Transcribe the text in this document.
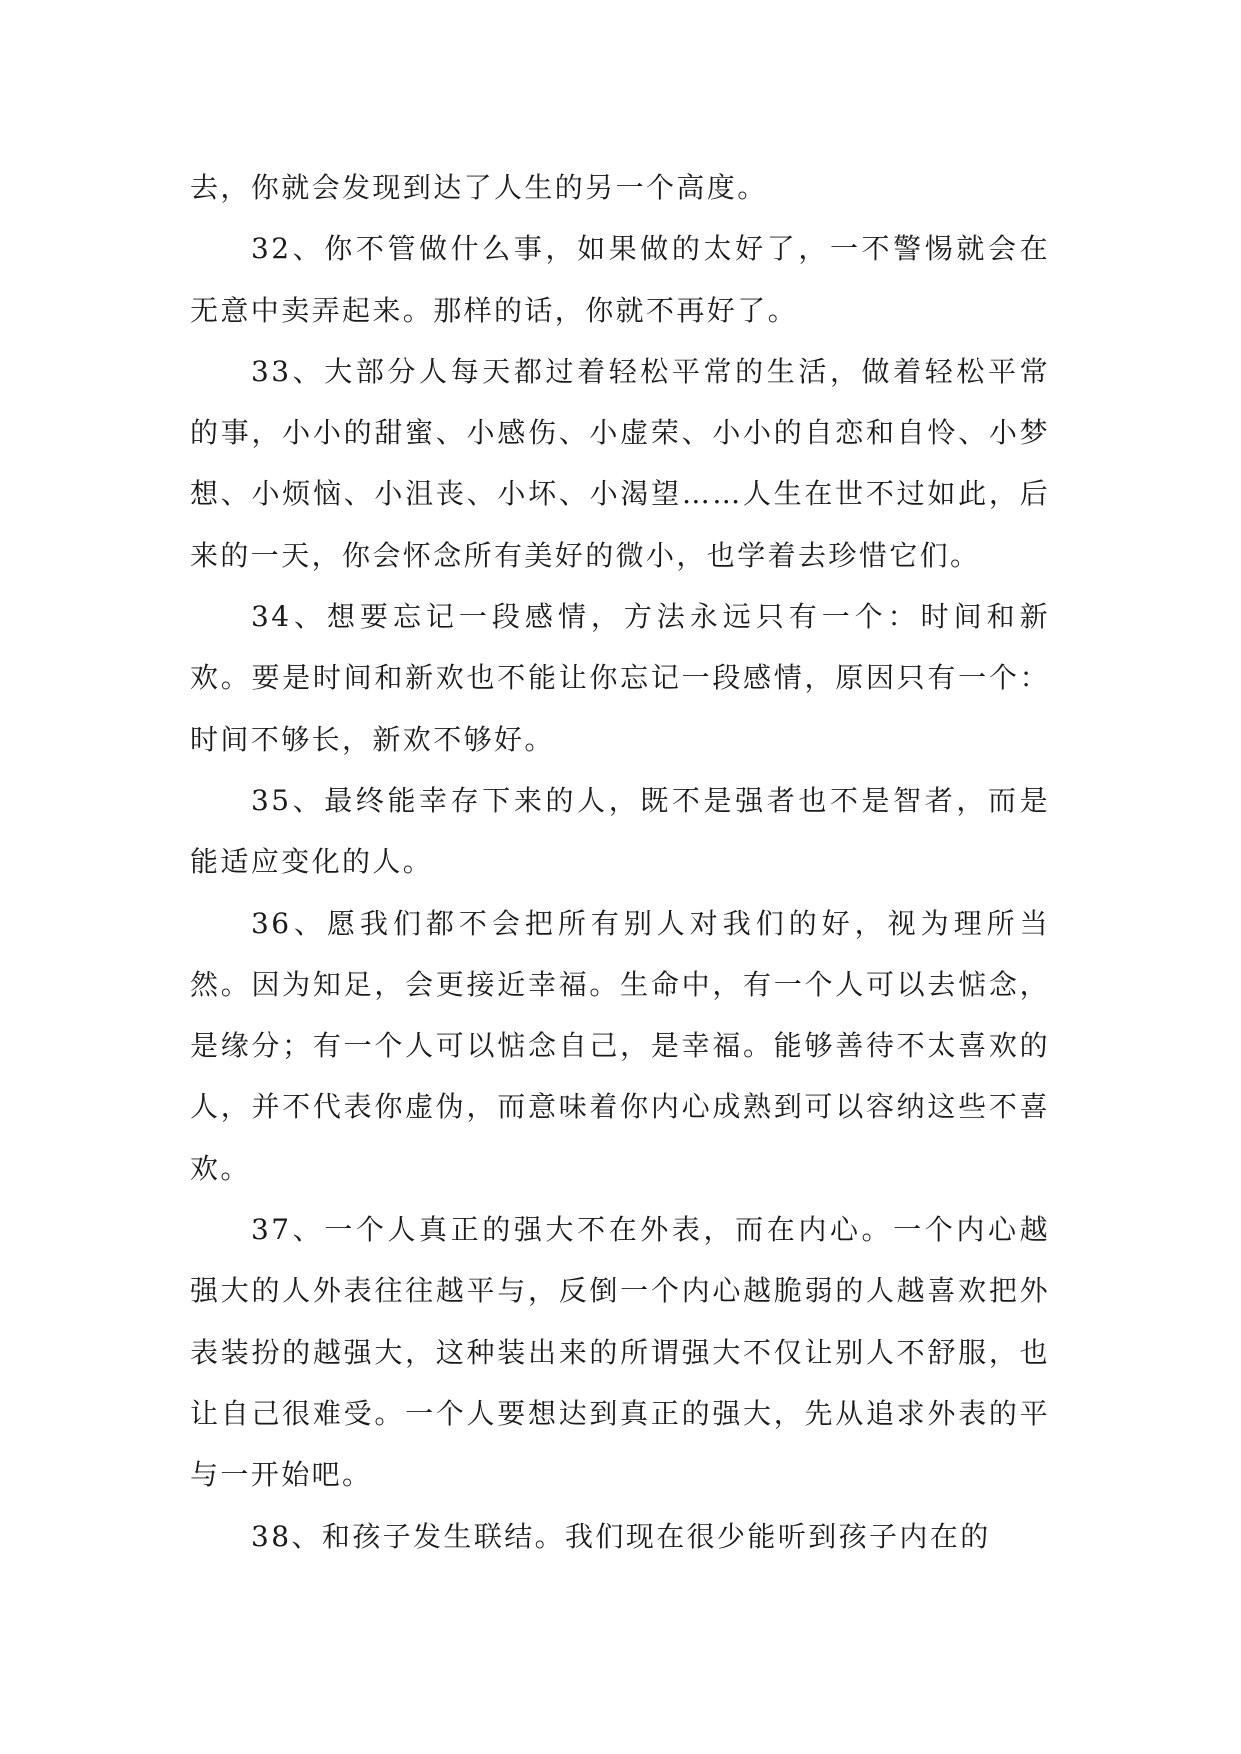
去，你就会发现到达了人生的另一个高度。

32、你不管做什么事，如果做的太好了，一不警惕就会在无意中卖弄起来。那样的话，你就不再好了。

33、大部分人每天都过着轻松平常的生活，做着轻松平常的事，小小的甜蜜、小感伤、小虚荣、小小的自恋和自怜、小梦想、小烦恼、小沮丧、小坏、小渴望……人生在世不过如此，后来的一天，你会怀念所有美好的微小，也学着去珍惜它们。

34、想要忘记一段感情，方法永远只有一个：时间和新欢。要是时间和新欢也不能让你忘记一段感情，原因只有一个：时间不够长，新欢不够好。

35、最终能幸存下来的人，既不是强者也不是智者，而是能适应变化的人。

36、愿我们都不会把所有别人对我们的好，视为理所当然。因为知足，会更接近幸福。生命中，有一个人可以去惦念，是缘分；有一个人可以惦念自己，是幸福。能够善待不太喜欢的人，并不代表你虚伪，而意味着你内心成熟到可以容纳这些不喜欢。

37、一个人真正的强大不在外表，而在内心。一个内心越强大的人外表往往越平与，反倒一个内心越脆弱的人越喜欢把外表装扮的越强大，这种装出来的所谓强大不仅让别人不舒服，也让自己很难受。一个人要想达到真正的强大，先从追求外表的平与一开始吧。

38、和孩子发生联结。我们现在很少能听到孩子内在的
